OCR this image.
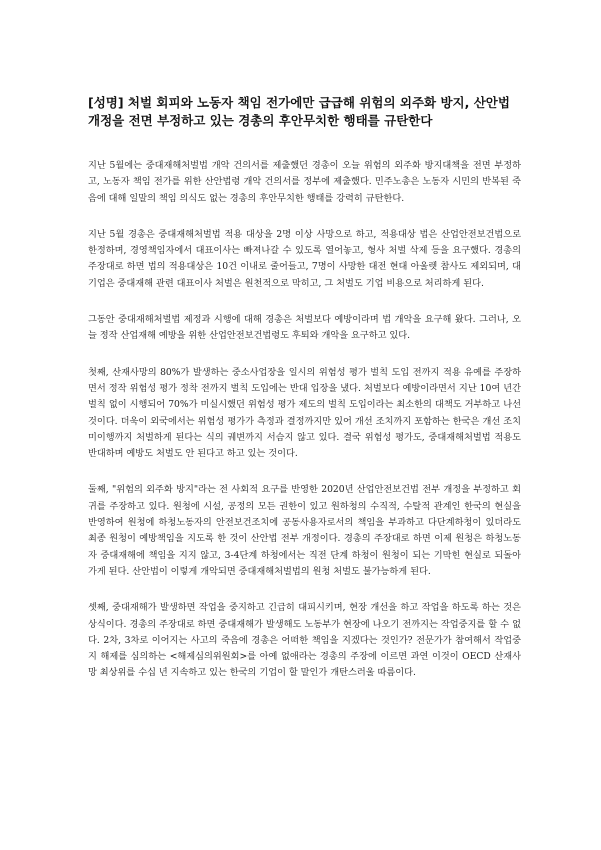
[성명] 처벌 회피와 노동자 책임 전가에만 급급해 위험의 외주화 방지, 산안법 개정을 전면 부정하고 있는 경총의 후안무치한 행태를 규탄한다

지난 5월에는 중대재해처벌법 개악 건의서를 제출했던 경총이 오늘 위험의 외주화 방지대책을 전면 부정하고, 노동자 책임 전가를 위한 산안법령 개악 건의서를 정부에 제출했다. 민주노총은 노동자 시민의 반복된 죽음에 대해 일말의 책임 의식도 없는 경총의 후안무치한 행태를 강력히 규탄한다.

지난 5월 경총은 중대재해처벌법 적용 대상을 2명 이상 사망으로 하고, 적용대상 법은 산업안전보건법으로 한정하며, 경영책임자에서 대표이사는 빠져나갈 수 있도록 열어놓고, 형사 처벌 삭제 등을 요구했다. 경총의 주장대로 하면 법의 적용대상은 10건 이내로 줄어들고, 7명이 사망한 대전 현대 아울렛 참사도 제외되며, 대기업은 중대재해 관련 대표이사 처벌은 원천적으로 막히고, 그 처벌도 기업 비용으로 처리하게 된다.

그동안 중대재해처벌법 제정과 시행에 대해 경총은 처벌보다 예방이라며 법 개악을 요구해 왔다. 그러나, 오늘 정작 산업재해 예방을 위한 산업안전보건법령도 후퇴와 개악을 요구하고 있다.

첫째, 산재사망의 80%가 발생하는 중소사업장을 일시의 위험성 평가 벌칙 도입 전까지 적용 유예를 주장하면서 정작 위험성 평가 정착 전까지 벌칙 도입에는 반대 입장을 냈다. 처벌보다 예방이라면서 지난 10여 년간 벌칙 없이 시행되어 70%가 미실시했던 위험성 평가 제도의 벌칙 도입이라는 최소한의 대책도 거부하고 나선 것이다. 더욱이 외국에서는 위험성 평가가 측정과 결정까지만 있어 개선 조치까지 포함하는 한국은 개선 조치 미이행까지 처벌하게 된다는 식의 궤변까지 서슴지 않고 있다. 결국 위험성 평가도, 중대재해처벌법 적용도 반대하며 예방도 처벌도 안 된다고 하고 있는 것이다.

둘째, "위험의 외주화 방지"라는 전 사회적 요구를 반영한 2020년 산업안전보건법 전부 개정을 부정하고 회귀를 주장하고 있다. 원청에 시설, 공정의 모든 권한이 있고 원하청의 수직적, 수탈적 관계인 한국의 현실을 반영하여 원청에 하청노동자의 안전보건조치에 공동사용자로서의 책임을 부과하고 다단계하청이 있더라도 최종 원청이 예방책임을 지도록 한 것이 산안법 전부 개정이다. 경총의 주장대로 하면 이제 원청은 하청노동자 중대재해에 책임을 지지 않고, 3-4단계 하청에서는 직전 단계 하청이 원청이 되는 기막힌 현실로 되돌아 가게 된다. 산안법이 이렇게 개악되면 중대재해처벌법의 원청 처벌도 불가능하게 된다.

셋째, 중대재해가 발생하면 작업을 중지하고 긴급히 대피시키며, 현장 개선을 하고 작업을 하도록 하는 것은 상식이다. 경총의 주장대로 하면 중대재해가 발생해도 노동부가 현장에 나오기 전까지는 작업중지를 할 수 없다. 2차, 3차로 이어지는 사고의 죽음에 경총은 어떠한 책임을 지겠다는 것인가? 전문가가 참여해서 작업중지 해제를 심의하는 <해제심의위원회>를 아예 없애라는 경총의 주장에 이르면 과연 이것이 OECD 산재사망 최상위를 수십 년 지속하고 있는 한국의 기업이 할 말인가 개탄스러울 따름이다.
